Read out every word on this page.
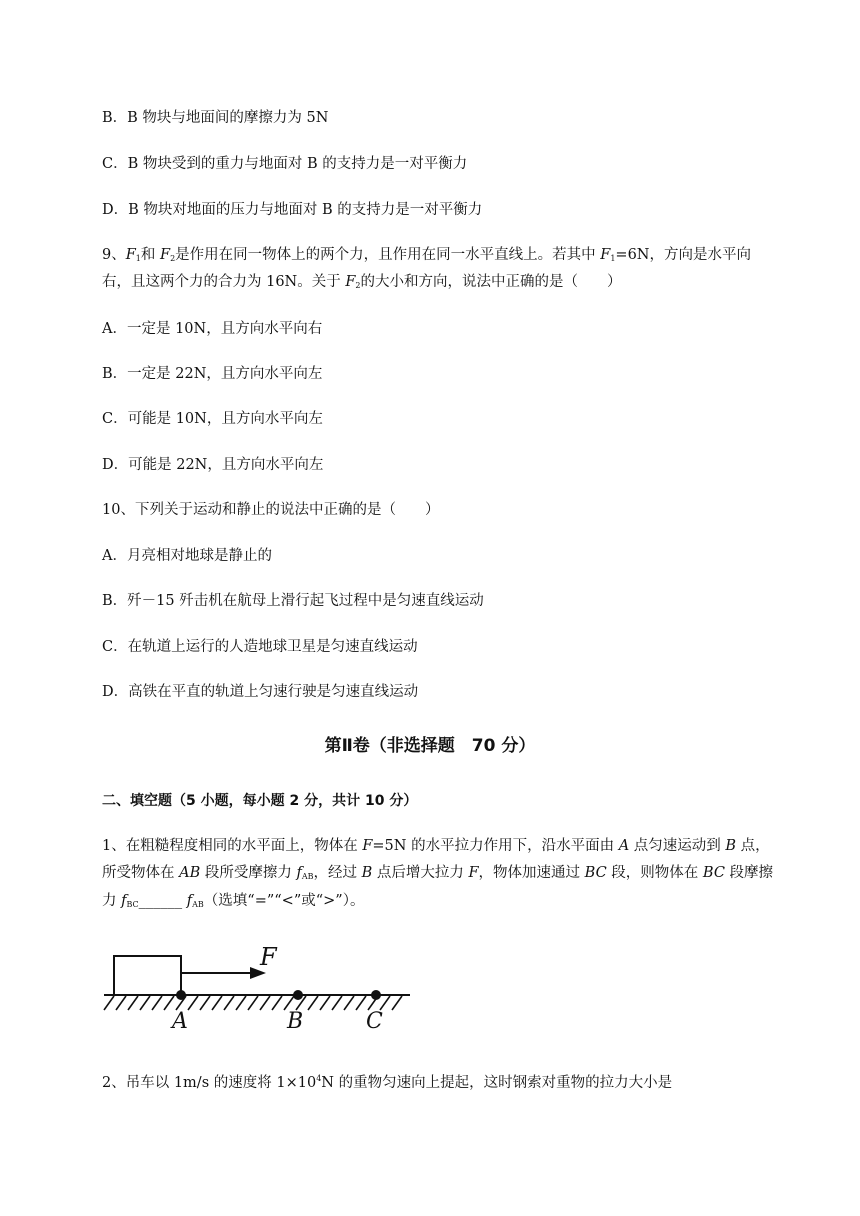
B．B 物块与地面间的摩擦力为 5N
C．B 物块受到的重力与地面对 B 的支持力是一对平衡力
D．B 物块对地面的压力与地面对 B 的支持力是一对平衡力
9、$F_1$和 $F_2$是作用在同一物体上的两个力，且作用在同一水平直线上。若其中 $F_1=6N$，方向是水平向
右，且这两个力的合力为 16N。关于 $F_2$的大小和方向，说法中正确的是（　　）
A．一定是 10N，且方向水平向右
B．一定是 22N，且方向水平向左
C．可能是 10N，且方向水平向左
D．可能是 22N，且方向水平向左
10、下列关于运动和静止的说法中正确的是（　　）
A．月亮相对地球是静止的
B．歼－15 歼击机在航母上滑行起飞过程中是匀速直线运动
C．在轨道上运行的人造地球卫星是匀速直线运动
D．高铁在平直的轨道上匀速行驶是匀速直线运动
第Ⅱ卷（非选择题　70 分）
二、填空题（5 小题，每小题 2 分，共计 10 分）
1、在粗糙程度相同的水平面上，物体在 F=5N 的水平拉力作用下，沿水平面由 A 点匀速运动到 B 点，
所受物体在 AB 段所受摩擦力 $f_{AB}$，经过 B 点后增大拉力 F，物体加速通过 BC 段，则物体在 BC 段摩擦
力 $f_{BC}\_\_\_\_\_\_$ $f_{AB}$（选填“=”“<”或“>”）。
F
A	B	C
2、吊车以 1m/s 的速度将 $1\times 10^4N$ 的重物匀速向上提起，这时钢索对重物的拉力大小是
